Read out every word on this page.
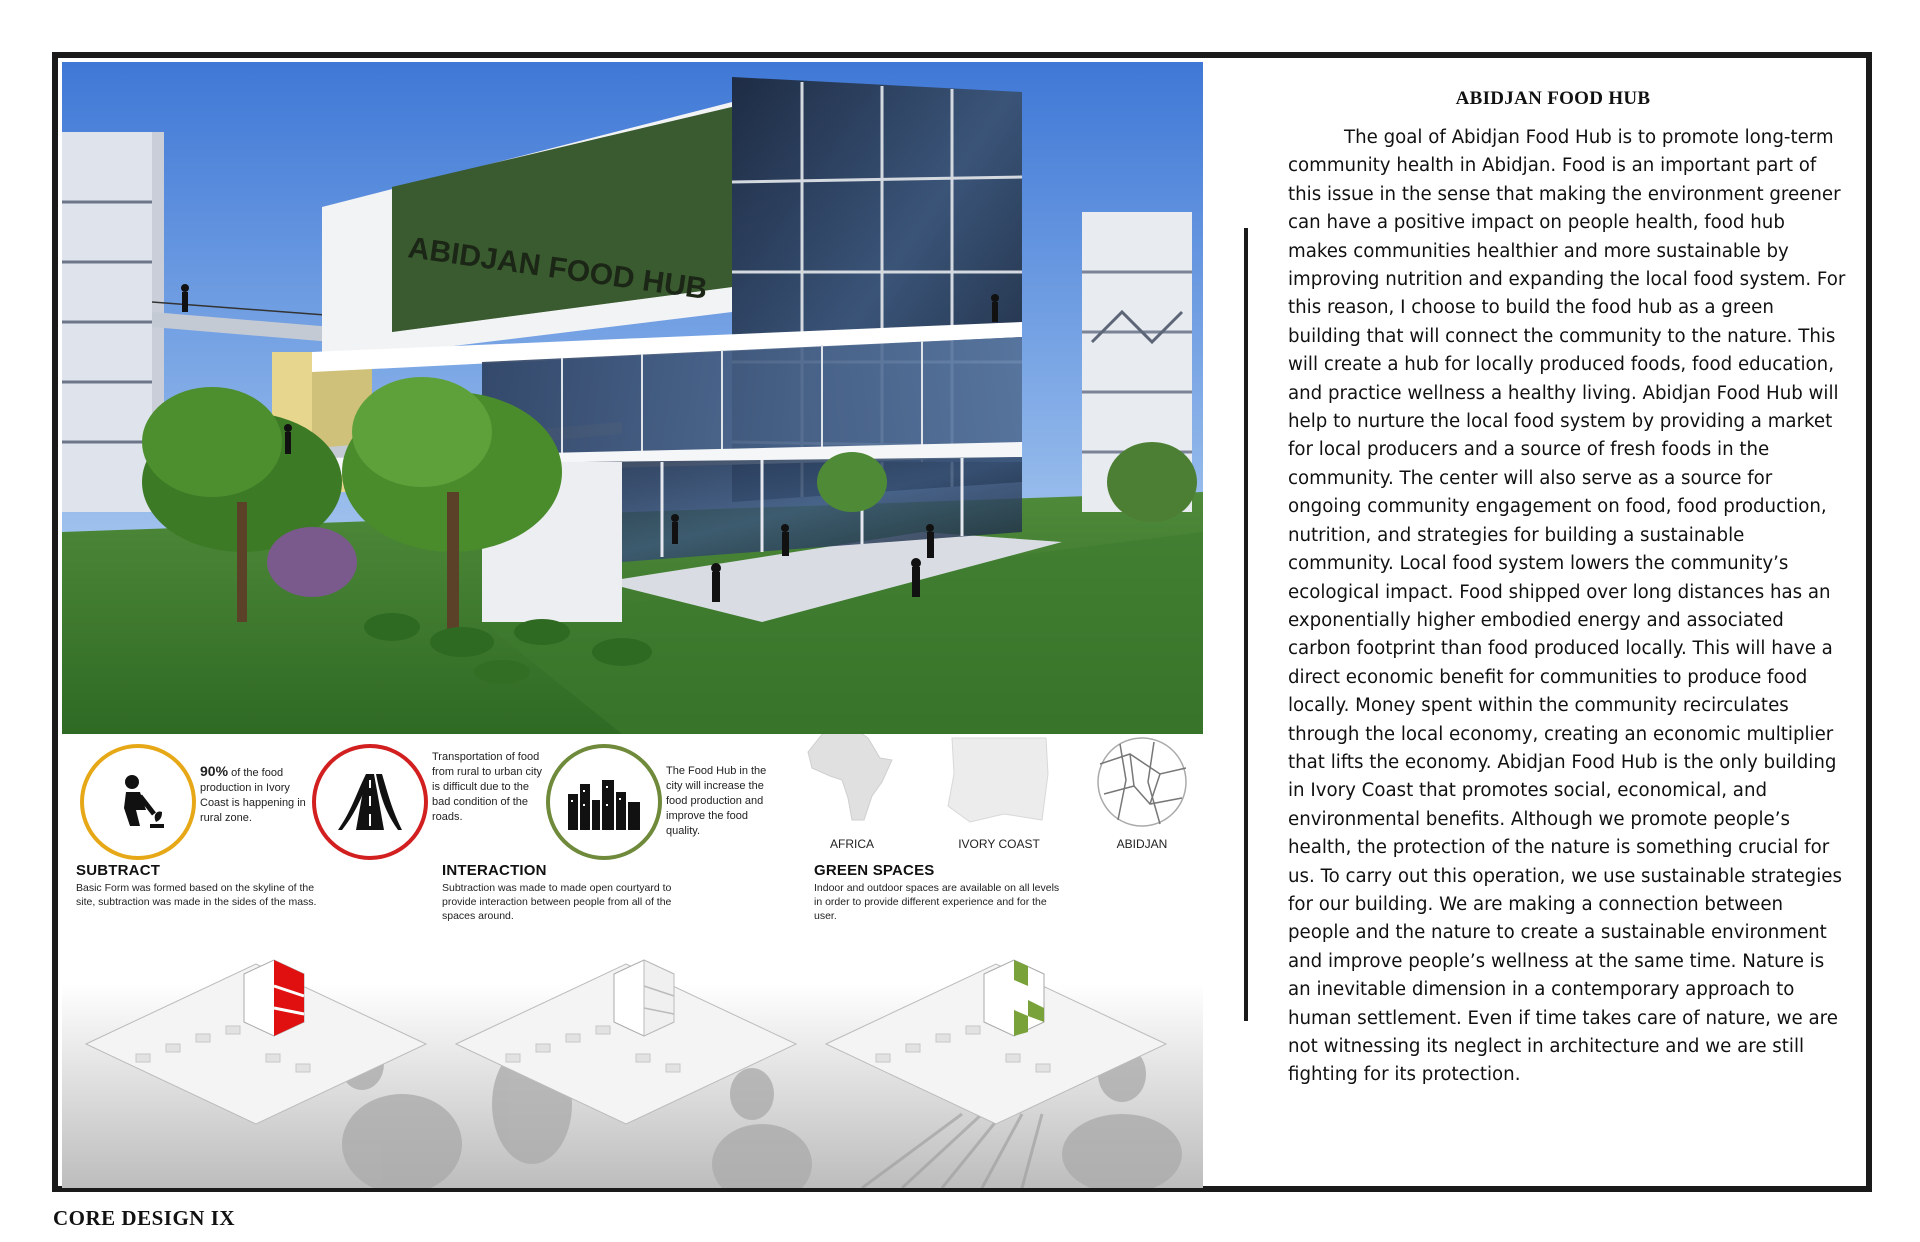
ABIDJAN FOOD HUB
90% of the food production in Ivory Coast is happening in rural zone.
Transportation of food from rural to urban city is difficult due to the bad condition of the roads.
The Food Hub in the city will increase the food production and improve the food quality.
AFRICA	IVORY COAST	ABIDJAN
SUBTRACT
Basic Form was formed based on the skyline of the site, subtraction was made in the sides of the mass.
INTERACTION
Subtraction was made to made open courtyard to provide interaction between people from all of the spaces around.
GREEN SPACES
Indoor and outdoor spaces are available on all levels in order to provide different experience and for the user.
ABIDJAN FOOD HUB
The goal of Abidjan Food Hub is to promote long-term community health in Abidjan. Food is an important part of this issue in the sense that making the environment greener can have a positive impact on people health, food hub makes communities healthier and more sustainable by improving nutrition and expanding the local food system. For this reason, I choose to build the food hub as a green building that will connect the community to the nature. This will create a hub for locally produced foods, food education, and practice wellness a healthy living. Abidjan Food Hub will help to nurture the local food system by providing a market for local producers and a source of fresh foods in the community. The center will also serve as a source for ongoing community engagement on food, food production, nutrition, and strategies for building a sustainable community. Local food system lowers the community’s ecological impact. Food shipped over long distances has an exponentially higher embodied energy and associated carbon footprint than food produced locally. This will have a direct economic benefit for communities to produce food locally. Money spent within the community recirculates through the local economy, creating an economic multiplier that lifts the economy. Abidjan Food Hub is the only building in Ivory Coast that promotes social, economical, and environmental benefits. Although we promote people’s health, the protection of the nature is something crucial for us. To carry out this operation, we use sustainable strategies for our building. We are making a connection between people and the nature to create a sustainable environment and improve people’s wellness at the same time. Nature is an inevitable dimension in a contemporary approach to human settlement. Even if time takes care of nature, we are not witnessing its neglect in architecture and we are still fighting for its protection.
CORE DESIGN IX
